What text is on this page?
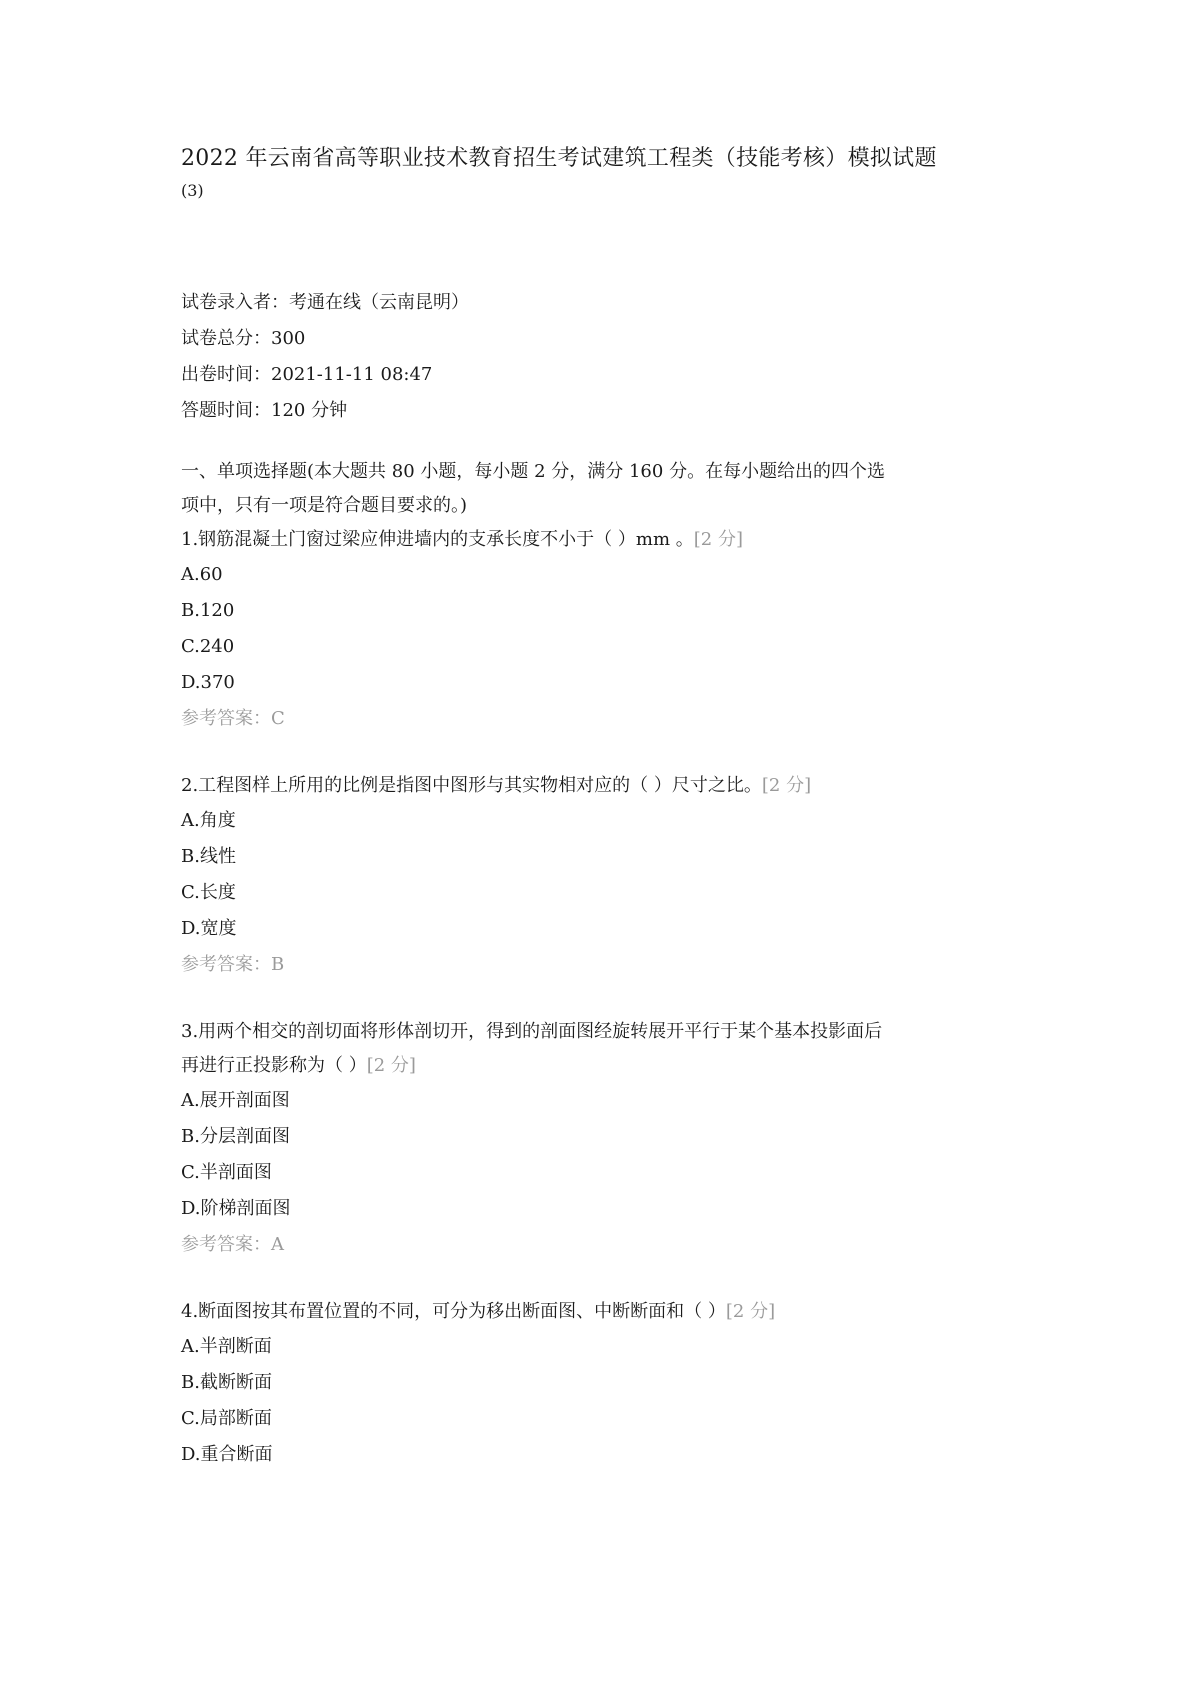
2022 年云南省高等职业技术教育招生考试建筑工程类（技能考核）模拟试题

(3)

试卷录入者：考通在线（云南昆明）

试卷总分：300

出卷时间：2021-11-11 08:47

答题时间：120 分钟

一、单项选择题(本大题共 80 小题，每小题 2 分，满分 160 分。在每小题给出的四个选
项中，只有一项是符合题目要求的。)
1.钢筋混凝土门窗过梁应伸进墙内的支承长度不小于（ ）mm 。[2 分]

A.60

B.120

C.240

D.370

参考答案：C

2.工程图样上所用的比例是指图中图形与其实物相对应的（ ）尺寸之比。[2 分]

A.角度

B.线性

C.长度

D.宽度

参考答案：B

3.用两个相交的剖切面将形体剖切开，得到的剖面图经旋转展开平行于某个基本投影面后
再进行正投影称为（ ）[2 分]

A.展开剖面图

B.分层剖面图

C.半剖面图

D.阶梯剖面图

参考答案：A

4.断面图按其布置位置的不同，可分为移出断面图、中断断面和（ ）[2 分]

A.半剖断面

B.截断断面

C.局部断面

D.重合断面
